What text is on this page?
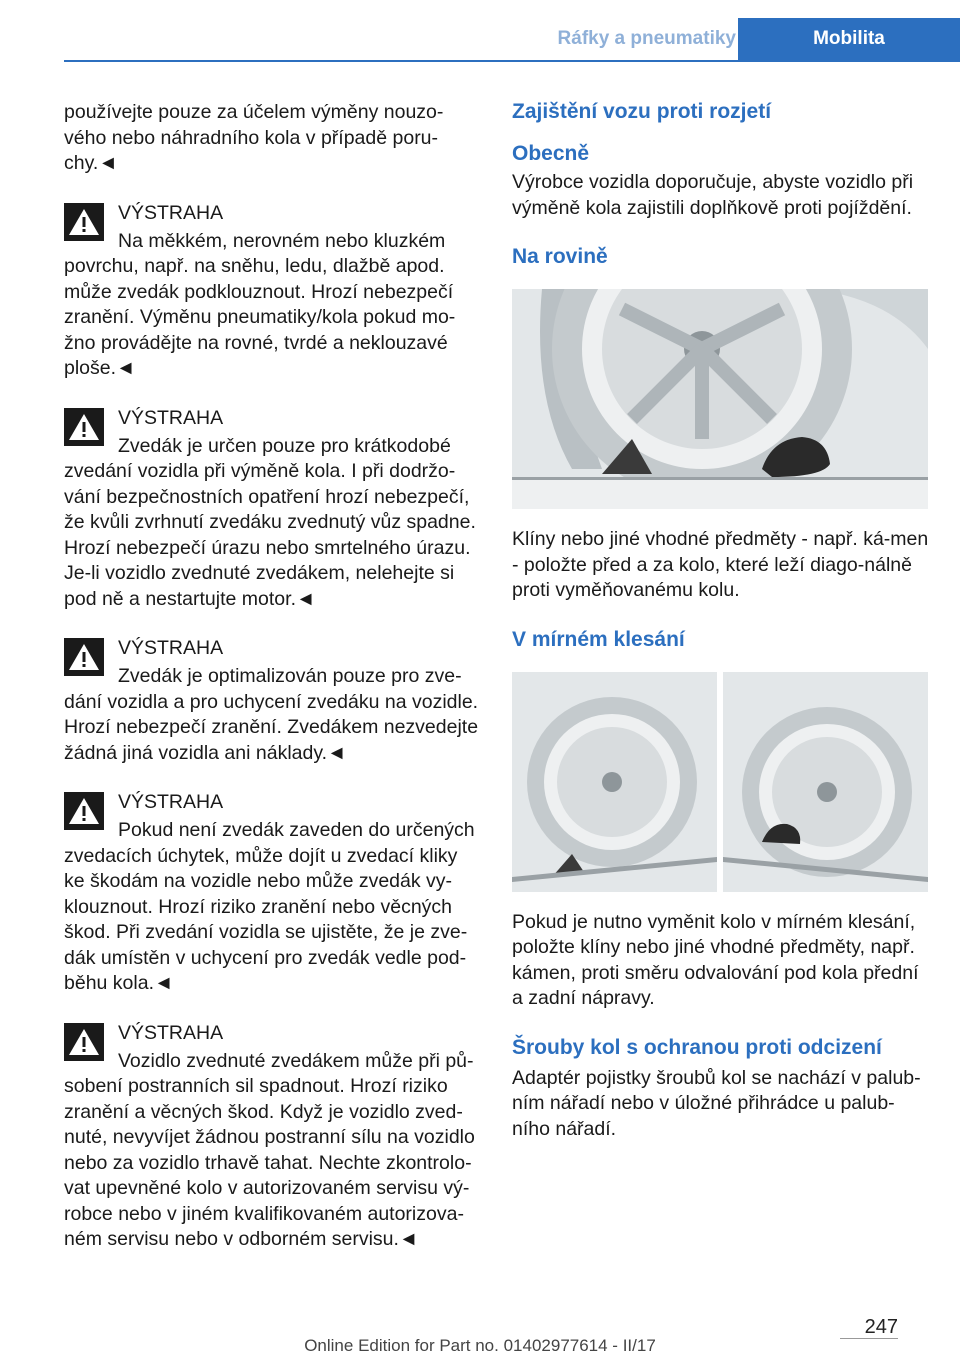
Ráfky a pneumatiky	Mobilita

používejte pouze za účelem výměny nouzo-vého nebo náhradního kola v případě poru-chy.◄

VÝSTRAHA

Na měkkém, nerovném nebo kluzkém povrchu, např. na sněhu, ledu, dlažbě apod. může zvedák podklouznout. Hrozí nebezpečí zranění. Výměnu pneumatiky/kola pokud mo-žno provádějte na rovné, tvrdé a neklouzavé ploše.◄

VÝSTRAHA

Zvedák je určen pouze pro krátkodobé zvedání vozidla při výměně kola. I při dodržo-vání bezpečnostních opatření hrozí nebezpečí, že kvůli zvrhnutí zvedáku zvednutý vůz spadne. Hrozí nebezpečí úrazu nebo smrtelného úrazu. Je-li vozidlo zvednuté zvedákem, nelehejte si pod ně a nestartujte motor.◄

VÝSTRAHA

Zvedák je optimalizován pouze pro zve-dání vozidla a pro uchycení zvedáku na vozidle. Hrozí nebezpečí zranění. Zvedákem nezvedejte žádná jiná vozidla ani náklady.◄

VÝSTRAHA

Pokud není zvedák zaveden do určených zvedacích úchytek, může dojít u zvedací kliky ke škodám na vozidle nebo může zvedák vy-klouznout. Hrozí riziko zranění nebo věcných škod. Při zvedání vozidla se ujistěte, že je zve-dák umístěn v uchycení pro zvedák vedle pod-běhu kola.◄

VÝSTRAHA

Vozidlo zvednuté zvedákem může při pů-sobení postranních sil spadnout. Hrozí riziko zranění a věcných škod. Když je vozidlo zved-nuté, nevyvíjet žádnou postranní sílu na vozidlo nebo za vozidlo trhavě tahat. Nechte zkontrolo-vat upevněné kolo v autorizovaném servisu vý-robce nebo v jiném kvalifikovaném autorizova-ném servisu nebo v odborném servisu.◄

Zajištění vozu proti rozjetí
Obecně

Výrobce vozidla doporučuje, abyste vozidlo při výměně kola zajistili doplňkově proti pojíždění.

Na rovině

Klíny nebo jiné vhodné předměty - např. ká-men - položte před a za kolo, které leží diago-nálně proti vyměňovanému kolu.

V mírném klesání

Pokud je nutno vyměnit kolo v mírném klesání, položte klíny nebo jiné vhodné předměty, např. kámen, proti směru odvalování pod kola přední a zadní nápravy.

Šrouby kol s ochranou proti odcizení

Adaptér pojistky šroubů kol se nachází v palub-ním nářadí nebo v úložné přihrádce u palub-ního nářadí.

247
Online Edition for Part no. 01402977614 - II/17
